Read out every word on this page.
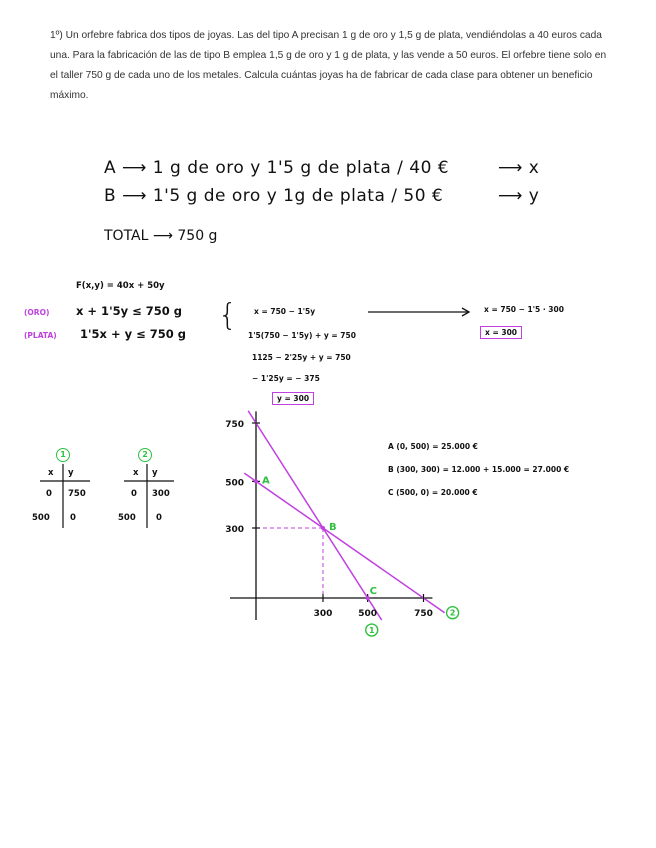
1º) Un orfebre fabrica dos tipos de joyas. Las del tipo A precisan 1 g de oro y 1,5 g de plata, vendiéndolas a 40 euros cada una. Para la fabricación de las de tipo B emplea 1,5 g de oro y 1 g de plata, y las vende a 50 euros. El orfebre tiene solo en el taller 750 g de cada uno de los metales. Calcula cuántas joyas ha de fabricar de cada clase para obtener un beneficio máximo.
A ⟶ 1 g de oro y 1'5 g de plata / 40 €	⟶ x
B ⟶ 1'5 g de oro y 1g de plata / 50 €	⟶ y
TOTAL ⟶ 750 g
F(x,y) = 40x + 50y
(ORO)
(PLATA)
x + 1'5y ≤ 750 g
1'5x + y ≤ 750 g
{ x = 750 − 1'5y
1'5(750 − 1'5y) + y = 750
1125 − 2'25y + y = 750
− 1'25y = − 375
y = 300
x = 750 − 1'5 · 300
x = 300
1	2
x y
0 750
500 0
x y
0 300
500 0
A (0, 500) = 25.000 €
B (300, 300) = 12.000 + 15.000 = 27.000 €
C (500, 0) = 20.000 €
1
2
300	500	750
750
500
300
A
B
C
